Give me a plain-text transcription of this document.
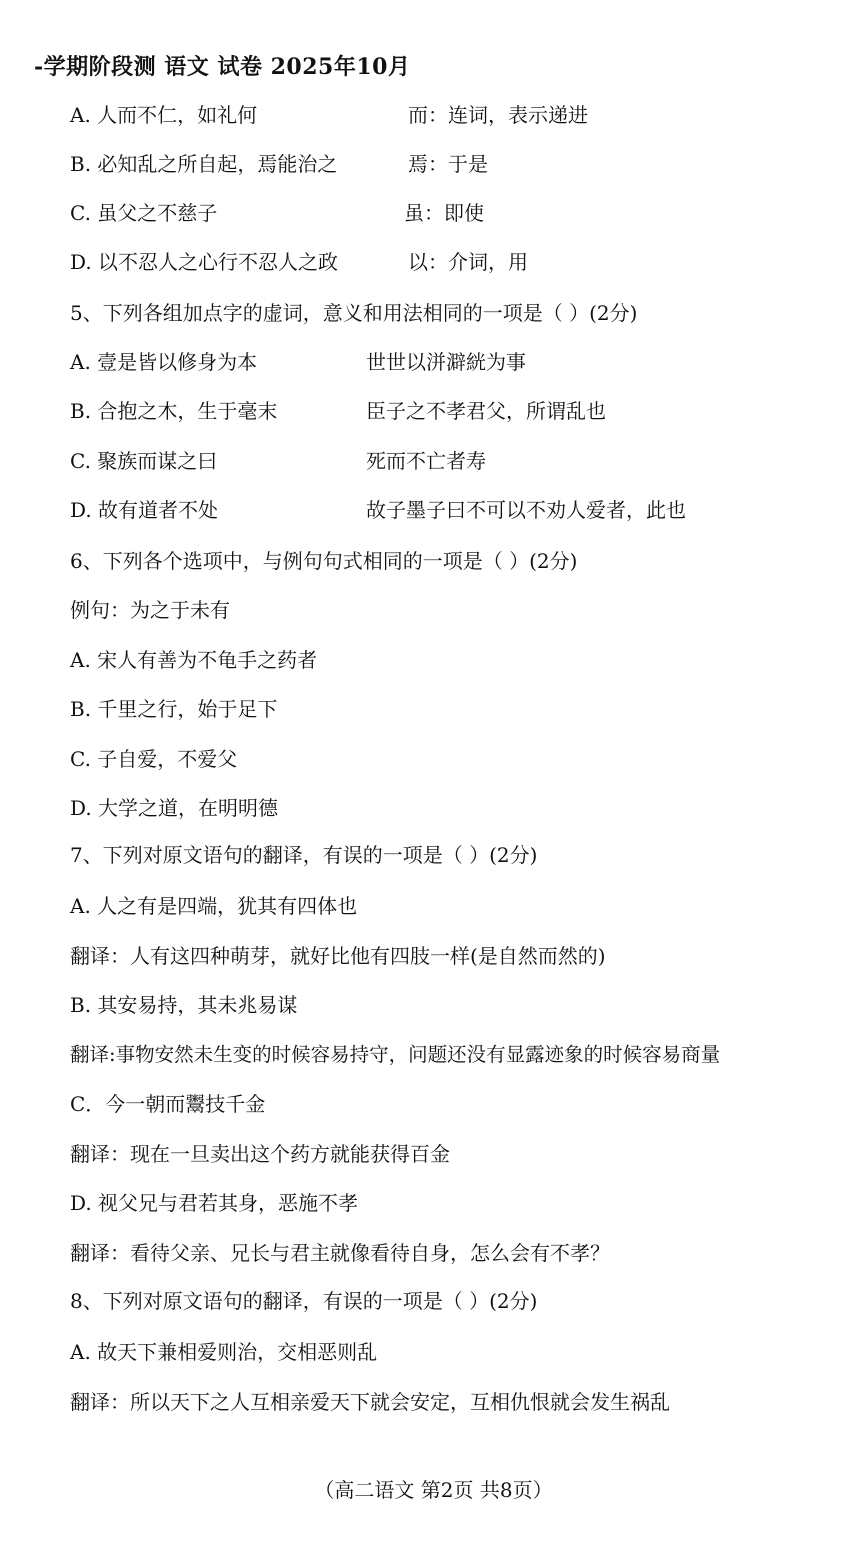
-学期阶段测 语文 试卷 2025年10月
A. 人而不仁，如礼何	而：连词，表示递进
B. 必知乱之所自起，焉能治之	焉：于是
C. 虽父之不慈子	虽：即使
D. 以不忍人之心行不忍人之政	以：介词，用
5、下列各组加点字的虚词，意义和用法相同的一项是（ ）(2分)
A. 壹是皆以修身为本	世世以洴澼絖为事
B. 合抱之木，生于毫末	臣子之不孝君父，所谓乱也
C. 聚族而谋之曰	死而不亡者寿
D. 故有道者不处	故子墨子曰不可以不劝人爱者，此也
6、下列各个选项中，与例句句式相同的一项是（ ）(2分)
例句：为之于未有
A. 宋人有善为不龟手之药者
B. 千里之行，始于足下
C. 子自爱，不爱父
D. 大学之道，在明明德
7、下列对原文语句的翻译，有误的一项是（ ）(2分)
A. 人之有是四端，犹其有四体也
翻译：人有这四种萌芽，就好比他有四肢一样(是自然而然的)
B. 其安易持，其未兆易谋
翻译:事物安然未生变的时候容易持守，问题还没有显露迹象的时候容易商量
C．今一朝而鬻技千金
翻译：现在一旦卖出这个药方就能获得百金
D. 视父兄与君若其身，恶施不孝
翻译：看待父亲、兄长与君主就像看待自身，怎么会有不孝？
8、下列对原文语句的翻译，有误的一项是（ ）(2分)
A. 故天下兼相爱则治，交相恶则乱
翻译：所以天下之人互相亲爱天下就会安定，互相仇恨就会发生祸乱
（高二语文 第2页 共8页）
